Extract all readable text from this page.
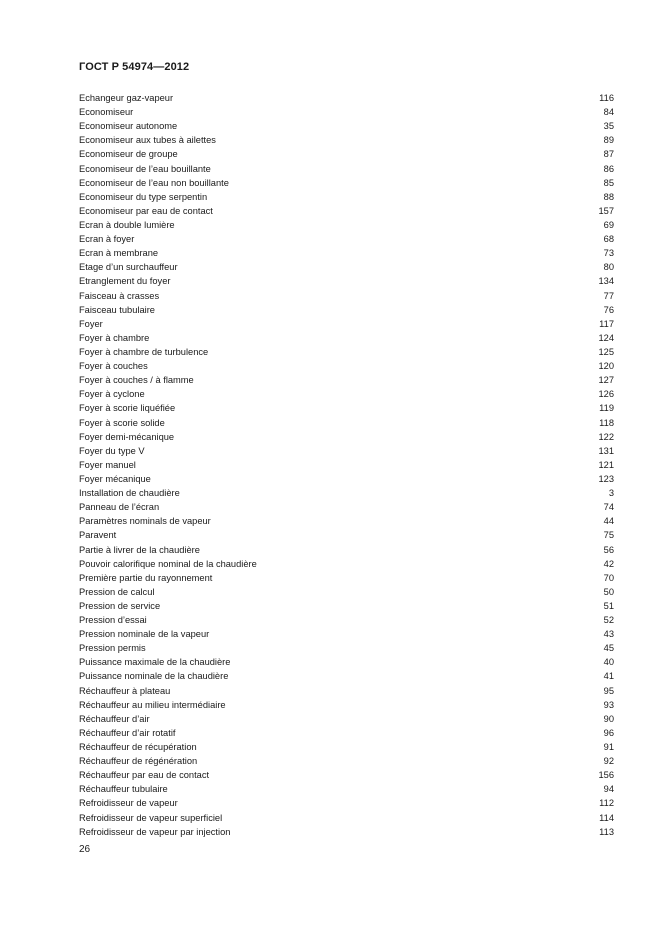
ГОСТ Р 54974—2012
Echangeur gaz-vapeur	116
Economiseur	84
Economiseur autonome	35
Economiseur aux tubes à ailettes	89
Economiseur de groupe	87
Economiseur de l’eau bouillante	86
Economiseur de l’eau non bouillante	85
Economiseur du type serpentin	88
Economiseur par eau de contact	157
Ecran à double lumière	69
Ecran à foyer	68
Ecran à membrane	73
Etage d’un surchauffeur	80
Etranglement du foyer	134
Faisceau à crasses	77
Faisceau tubulaire	76
Foyer	117
Foyer à chambre	124
Foyer à chambre de turbulence	125
Foyer à couches	120
Foyer à couches / à flamme	127
Foyer à cyclone	126
Foyer à scorie liquéfiée	119
Foyer à scorie solide	118
Foyer demi-mécanique	122
Foyer du type V	131
Foyer manuel	121
Foyer mécanique	123
Installation de chaudière	3
Panneau de l’écran	74
Paramètres nominals de vapeur	44
Paravent	75
Partie à livrer de la chaudière	56
Pouvoir calorifique nominal de la chaudière	42
Première partie du rayonnement	70
Pression de calcul	50
Pression de service	51
Pression d’essai	52
Pression nominale de la vapeur	43
Pression permis	45
Puissance maximale de la chaudière	40
Puissance nominale de la chaudière	41
Réchauffeur à plateau	95
Réchauffeur au milieu intermédiaire	93
Réchauffeur d’air	90
Réchauffeur d’air rotatif	96
Réchauffeur de récupération	91
Réchauffeur de régénération	92
Réchauffeur par eau de contact	156
Réchauffeur tubulaire	94
Refroidisseur de vapeur	112
Refroidisseur de vapeur superficiel	114
Refroidisseur de vapeur par injection	113
26
